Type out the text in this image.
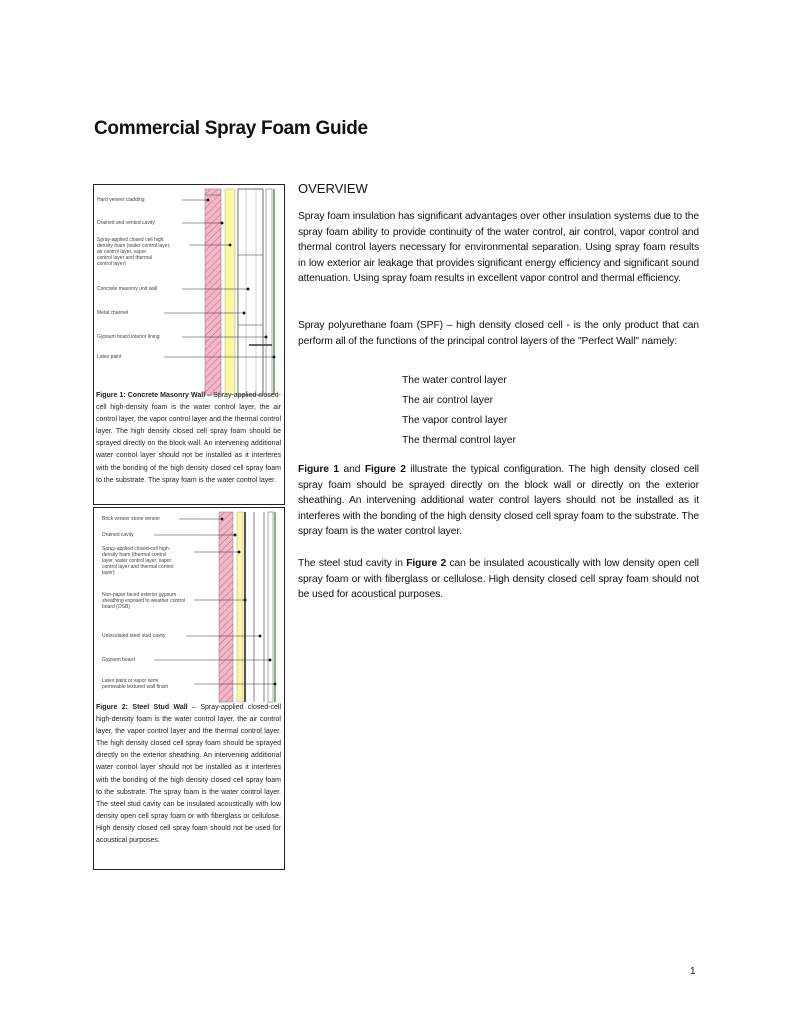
Commercial Spray Foam Guide
Hard veneer cladding
Drained and vented cavity
Spray-applied closed cell high
density foam (water control layer,
air control layer, vapor
control layer and thermal
control layer)
Concrete masonry unit wall
Metal channel
Gypsum board interior lining
Latex paint
Figure 1: Concrete Masonry Wall – Spray-applied closed-cell high-density foam is the water control layer, the air control layer, the vapor control layer and the thermal control layer. The high density closed cell spray foam should be sprayed directly on the block wall. An intervening additional water control layer should not be installed as it interferes with the bonding of the high density closed cell spray foam to the substrate. The spray foam is the water control layer.
Brick veneer stone veneer
Drained cavity
Spray-applied closed-cell high-
density foam (thermal control
layer, water control layer, vapor
control layer and thermal control
layer)
Non-paper faced exterior gypsum
sheathing exposed to weather control
board (OSB)
Uninsulated steel stud cavity
Gypsum board
Latex paint or vapor semi
permeable textured wall finish
Figure 2: Steel Stud Wall – Spray-applied closed-cell high-density foam is the water control layer, the air control layer, the vapor control layer and the thermal control layer. The high density closed cell spray foam should be sprayed directly on the exterior sheathing. An intervening additional water control layer should not be installed as it interferes with the bonding of the high density closed cell spray foam to the substrate. The spray foam is the water control layer. The steel stud cavity can be insulated acoustically with low density open cell spray foam or with fiberglass or cellulose. High density closed cell spray foam should not be used for acoustical purposes.
OVERVIEW
Spray foam insulation has significant advantages over other insulation systems due to the spray foam ability to provide continuity of the water control, air control, vapor control and thermal control layers necessary for environmental separation. Using spray foam results in low exterior air leakage that provides significant energy efficiency and significant sound attenuation. Using spray foam results in excellent vapor control and thermal efficiency.
Spray polyurethane foam (SPF) – high density closed cell - is the only product that can perform all of the functions of the principal control layers of the "Perfect Wall" namely:
The water control layer
The air control layer
The vapor control layer
The thermal control layer
Figure 1 and Figure 2 illustrate the typical configuration. The high density closed cell spray foam should be sprayed directly on the block wall or directly on the exterior sheathing. An intervening additional water control layers should not be installed as it interferes with the bonding of the high density closed cell spray foam to the substrate. The spray foam is the water control layer.
The steel stud cavity in Figure 2 can be insulated acoustically with low density open cell spray foam or with fiberglass or cellulose. High density closed cell spray foam should not be used for acoustical purposes.
1
